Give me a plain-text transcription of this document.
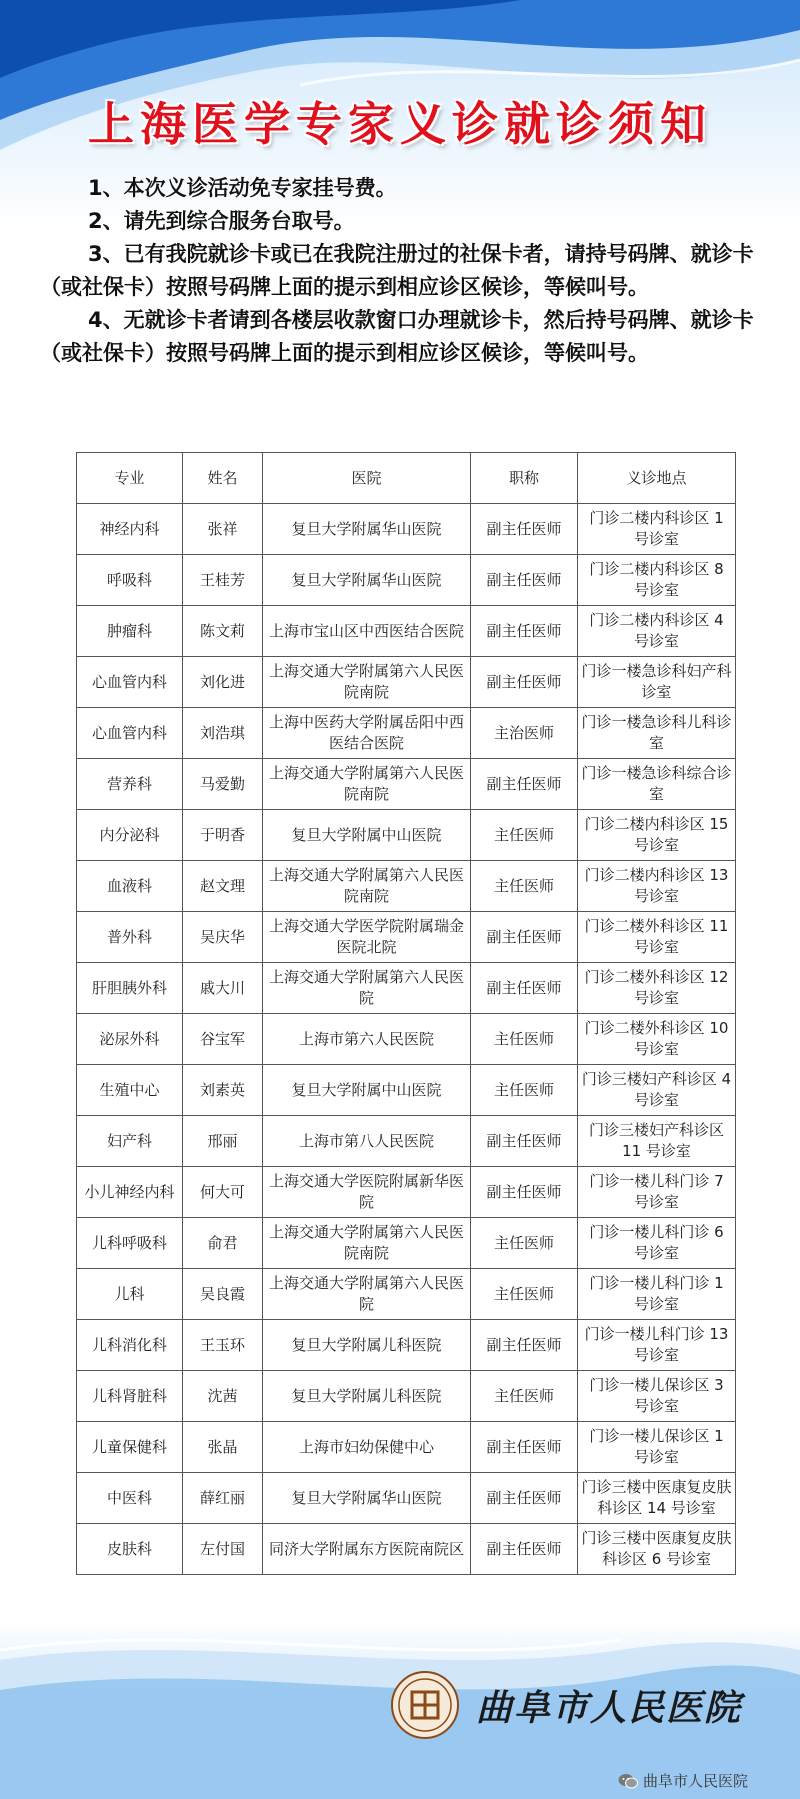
上海医学专家义诊就诊须知

1、本次义诊活动免专家挂号费。

2、请先到综合服务台取号。

3、已有我院就诊卡或已在我院注册过的社保卡者，请持号码牌、就诊卡（或社保卡）按照号码牌上面的提示到相应诊区候诊，等候叫号。

4、无就诊卡者请到各楼层收款窗口办理就诊卡，然后持号码牌、就诊卡（或社保卡）按照号码牌上面的提示到相应诊区候诊，等候叫号。

专业	姓名	医院	职称	义诊地点
神经内科	张祥	复旦大学附属华山医院	副主任医师	门诊二楼内科诊区 1 号诊室
呼吸科	王桂芳	复旦大学附属华山医院	副主任医师	门诊二楼内科诊区 8 号诊室
肿瘤科	陈文莉	上海市宝山区中西医结合医院	副主任医师	门诊二楼内科诊区 4 号诊室
心血管内科	刘化进	上海交通大学附属第六人民医院南院	副主任医师	门诊一楼急诊科妇产科诊室
心血管内科	刘浩琪	上海中医药大学附属岳阳中西医结合医院	主治医师	门诊一楼急诊科儿科诊室
营养科	马爱勤	上海交通大学附属第六人民医院南院	副主任医师	门诊一楼急诊科综合诊室
内分泌科	于明香	复旦大学附属中山医院	主任医师	门诊二楼内科诊区 15 号诊室
血液科	赵文理	上海交通大学附属第六人民医院南院	主任医师	门诊二楼内科诊区 13 号诊室
普外科	吴庆华	上海交通大学医学院附属瑞金医院北院	副主任医师	门诊二楼外科诊区 11 号诊室
肝胆胰外科	戚大川	上海交通大学附属第六人民医院	副主任医师	门诊二楼外科诊区 12 号诊室
泌尿外科	谷宝军	上海市第六人民医院	主任医师	门诊二楼外科诊区 10 号诊室
生殖中心	刘素英	复旦大学附属中山医院	主任医师	门诊三楼妇产科诊区 4 号诊室
妇产科	邢丽	上海市第八人民医院	副主任医师	门诊三楼妇产科诊区 11 号诊室
小儿神经内科	何大可	上海交通大学医院附属新华医院	副主任医师	门诊一楼儿科门诊 7 号诊室
儿科呼吸科	俞君	上海交通大学附属第六人民医院南院	主任医师	门诊一楼儿科门诊 6 号诊室
儿科	吴良霞	上海交通大学附属第六人民医院	主任医师	门诊一楼儿科门诊 1 号诊室
儿科消化科	王玉环	复旦大学附属儿科医院	副主任医师	门诊一楼儿科门诊 13 号诊室
儿科肾脏科	沈茜	复旦大学附属儿科医院	主任医师	门诊一楼儿保诊区 3 号诊室
儿童保健科	张晶	上海市妇幼保健中心	副主任医师	门诊一楼儿保诊区 1 号诊室
中医科	薛红丽	复旦大学附属华山医院	副主任医师	门诊三楼中医康复皮肤科诊区 14 号诊室
皮肤科	左付国	同济大学附属东方医院南院区	副主任医师	门诊三楼中医康复皮肤科诊区 6 号诊室
曲阜市人民医院
曲阜市人民医院
